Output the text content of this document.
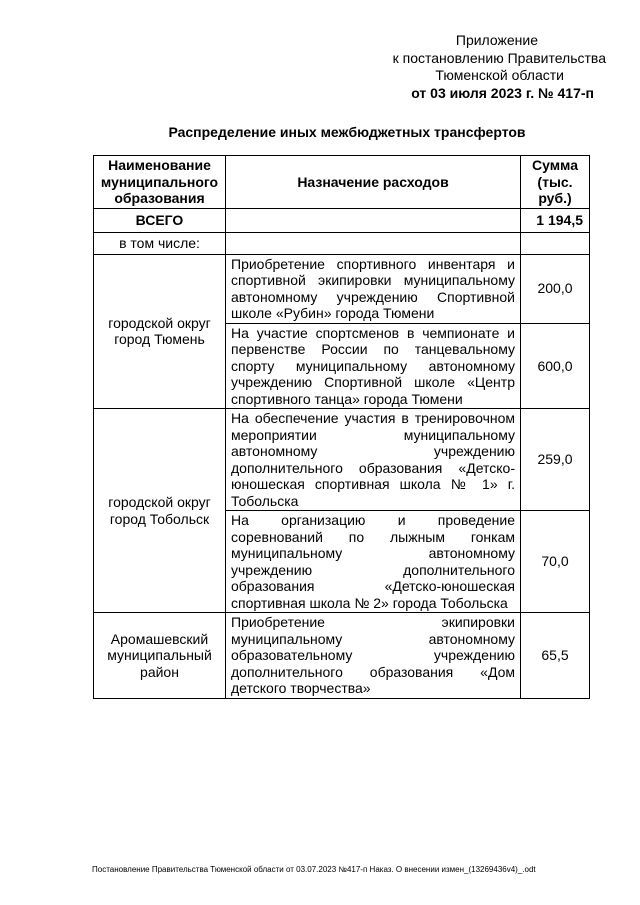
Приложение
к постановлению Правительства
Тюменской области
от 03 июля 2023 г. № 417-п
Распределение иных межбюджетных трансфертов
Наименование муниципального образования	Назначение расходов	Сумма (тыс. руб.)
ВСЕГО		1 194,5
в том числе:		
городской округ город Тюмень	Приобретение спортивного инвентаря и спортивной экипировки муниципальному автономному учреждению Спортивной школе «Рубин» города Тюмени	200,0
	На участие спортсменов в чемпионате и первенстве России по танцевальному спорту муниципальному автономному учреждению Спортивной школе «Центр спортивного танца» города Тюмени	600,0
городской округ город Тобольск	На обеспечение участия в тренировочном мероприятии муниципальному автономному учреждению дополнительного образования «Детско-юношеская спортивная школа № 1» г. Тобольска	259,0
	На организацию и проведение соревнований по лыжным гонкам муниципальному автономному учреждению дополнительного образования «Детско-юношеская спортивная школа № 2» города Тобольска	70,0
Аромашевский муниципальный район	Приобретение экипировки муниципальному автономному образовательному учреждению дополнительного образования «Дом детского творчества»	65,5
Постановление Правительства Тюменской области от 03.07.2023 №417-п Наказ. О внесении измен_(13269436v4)_.odt
